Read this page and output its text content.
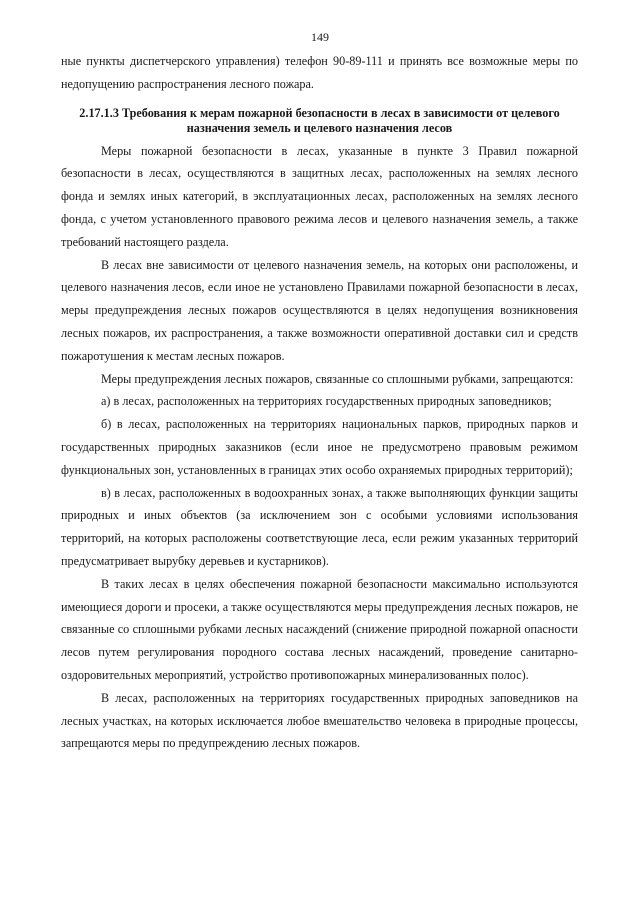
149

ные пункты диспетчерского управления) телефон 90-89-111 и принять все возможные меры по недопущению распространения лесного пожара.

2.17.1.3 Требования к мерам пожарной безопасности в лесах в зависимости от целевого назначения земель и целевого назначения лесов

Меры пожарной безопасности в лесах, указанные в пункте 3 Правил пожарной безопасности в лесах, осуществляются в защитных лесах, расположенных на землях лесного фонда и землях иных категорий, в эксплуатационных лесах, расположенных на землях лесного фонда, с учетом установленного правового режима лесов и целевого назначения земель, а также требований настоящего раздела.

В лесах вне зависимости от целевого назначения земель, на которых они расположены, и целевого назначения лесов, если иное не установлено Правилами пожарной безопасности в лесах, меры предупреждения лесных пожаров осуществляются в целях недопущения возникновения лесных пожаров, их распространения, а также возможности оперативной доставки сил и средств пожаротушения к местам лесных пожаров.

Меры предупреждения лесных пожаров, связанные со сплошными рубками, запрещаются:

а) в лесах, расположенных на территориях государственных природных заповедников;

б) в лесах, расположенных на территориях национальных парков, природных парков и государственных природных заказников (если иное не предусмотрено правовым режимом функциональных зон, установленных в границах этих особо охраняемых природных территорий);

в) в лесах, расположенных в водоохранных зонах, а также выполняющих функции защиты природных и иных объектов (за исключением зон с особыми условиями использования территорий, на которых расположены соответствующие леса, если режим указанных территорий предусматривает вырубку деревьев и кустарников).

В таких лесах в целях обеспечения пожарной безопасности максимально используются имеющиеся дороги и просеки, а также осуществляются меры предупреждения лесных пожаров, не связанные со сплошными рубками лесных насаждений (снижение природной пожарной опасности лесов путем регулирования породного состава лесных насаждений, проведение санитарно-оздоровительных мероприятий, устройство противопожарных минерализованных полос).

В лесах, расположенных на территориях государственных природных заповедников на лесных участках, на которых исключается любое вмешательство человека в природные процессы, запрещаются меры по предупреждению лесных пожаров.
